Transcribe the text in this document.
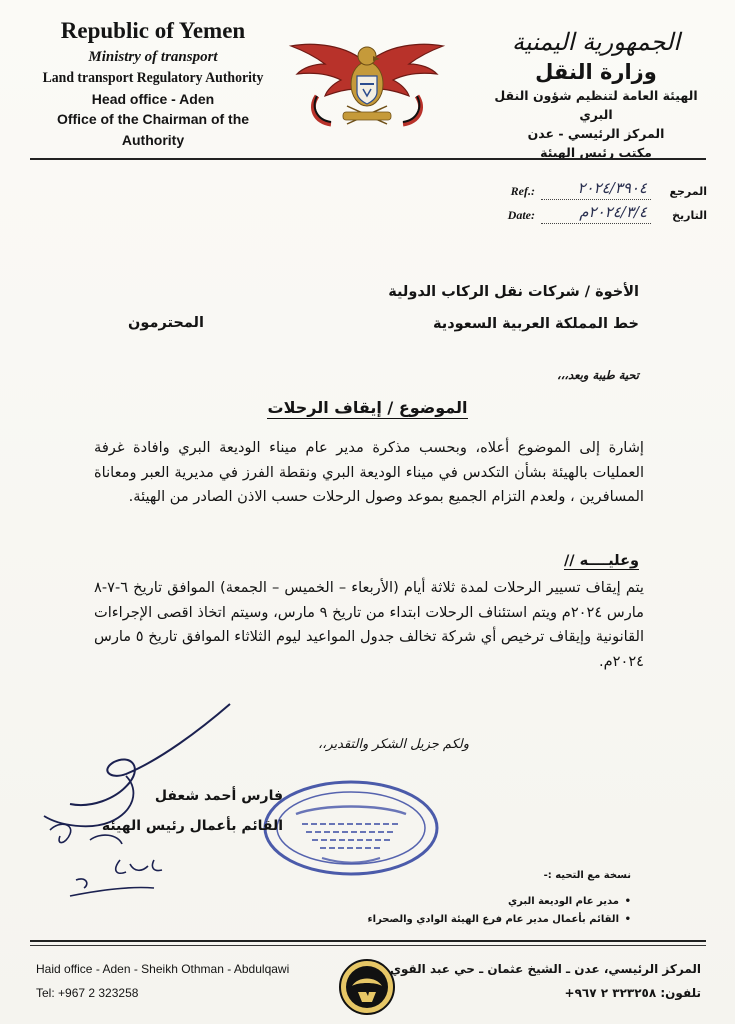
Republic of Yemen
Ministry of transport
Land transport Regulatory Authority
Head office - Aden
Office of the Chairman of the Authority
الجمهورية اليمنية
وزارة النقل
الهيئة العامة لتنظيم شؤون النقل البري
المركز الرئيسي - عدن
مكتب رئيس الهيئة
المرجع
٢٠٢٤/٣٩٠٤
Ref.:
التاريخ
٢٠٢٤/٣/٤م
Date:
الأخوة / شركات نقل الركاب الدولية
خط المملكة العربية السعودية
المحترمون
تحية طيبة وبعد،،،
الموضوع / إيقاف الرحلات
إشارة إلى الموضوع أعلاه، وبحسب مذكرة مدير عام ميناء الوديعة البري وافادة غرفة العمليات بالهيئة بشأن التكدس في ميناء الوديعة البري ونقطة الفرز في مديرية العبر ومعاناة المسافرين ، ولعدم التزام الجميع بموعد وصول الرحلات حسب الاذن الصادر من الهيئة.
وعليــــه //
يتم إيقاف تسيير الرحلات لمدة ثلاثة أيام (الأربعاء – الخميس – الجمعة) الموافق تاريخ ٦-٧-٨ مارس ٢٠٢٤م ويتم استئناف الرحلات ابتداء من تاريخ ٩ مارس، وسيتم اتخاذ اقصى الإجراءات القانونية وإيقاف ترخيص أي شركة تخالف جدول المواعيد ليوم الثلاثاء الموافق تاريخ ٥ مارس ٢٠٢٤م.
ولكم جزيل الشكر والتقدير،،
فارس أحمد شعفل
القائم بأعمال رئيس الهيئة
نسخة مع التحيه :-
• مدير عام الوديعة البري
• القائم بأعمال مدير عام فرع الهيئة الوادي والصحراء
Haid office - Aden - Sheikh Othman - Abdulqawi
Tel: +967 2 323258
المركز الرئيسي، عدن ـ الشيخ عثمان ـ حي عبد القوي
تلفون: ٣٢٣٢٥٨ ٢ ٩٦٧+
